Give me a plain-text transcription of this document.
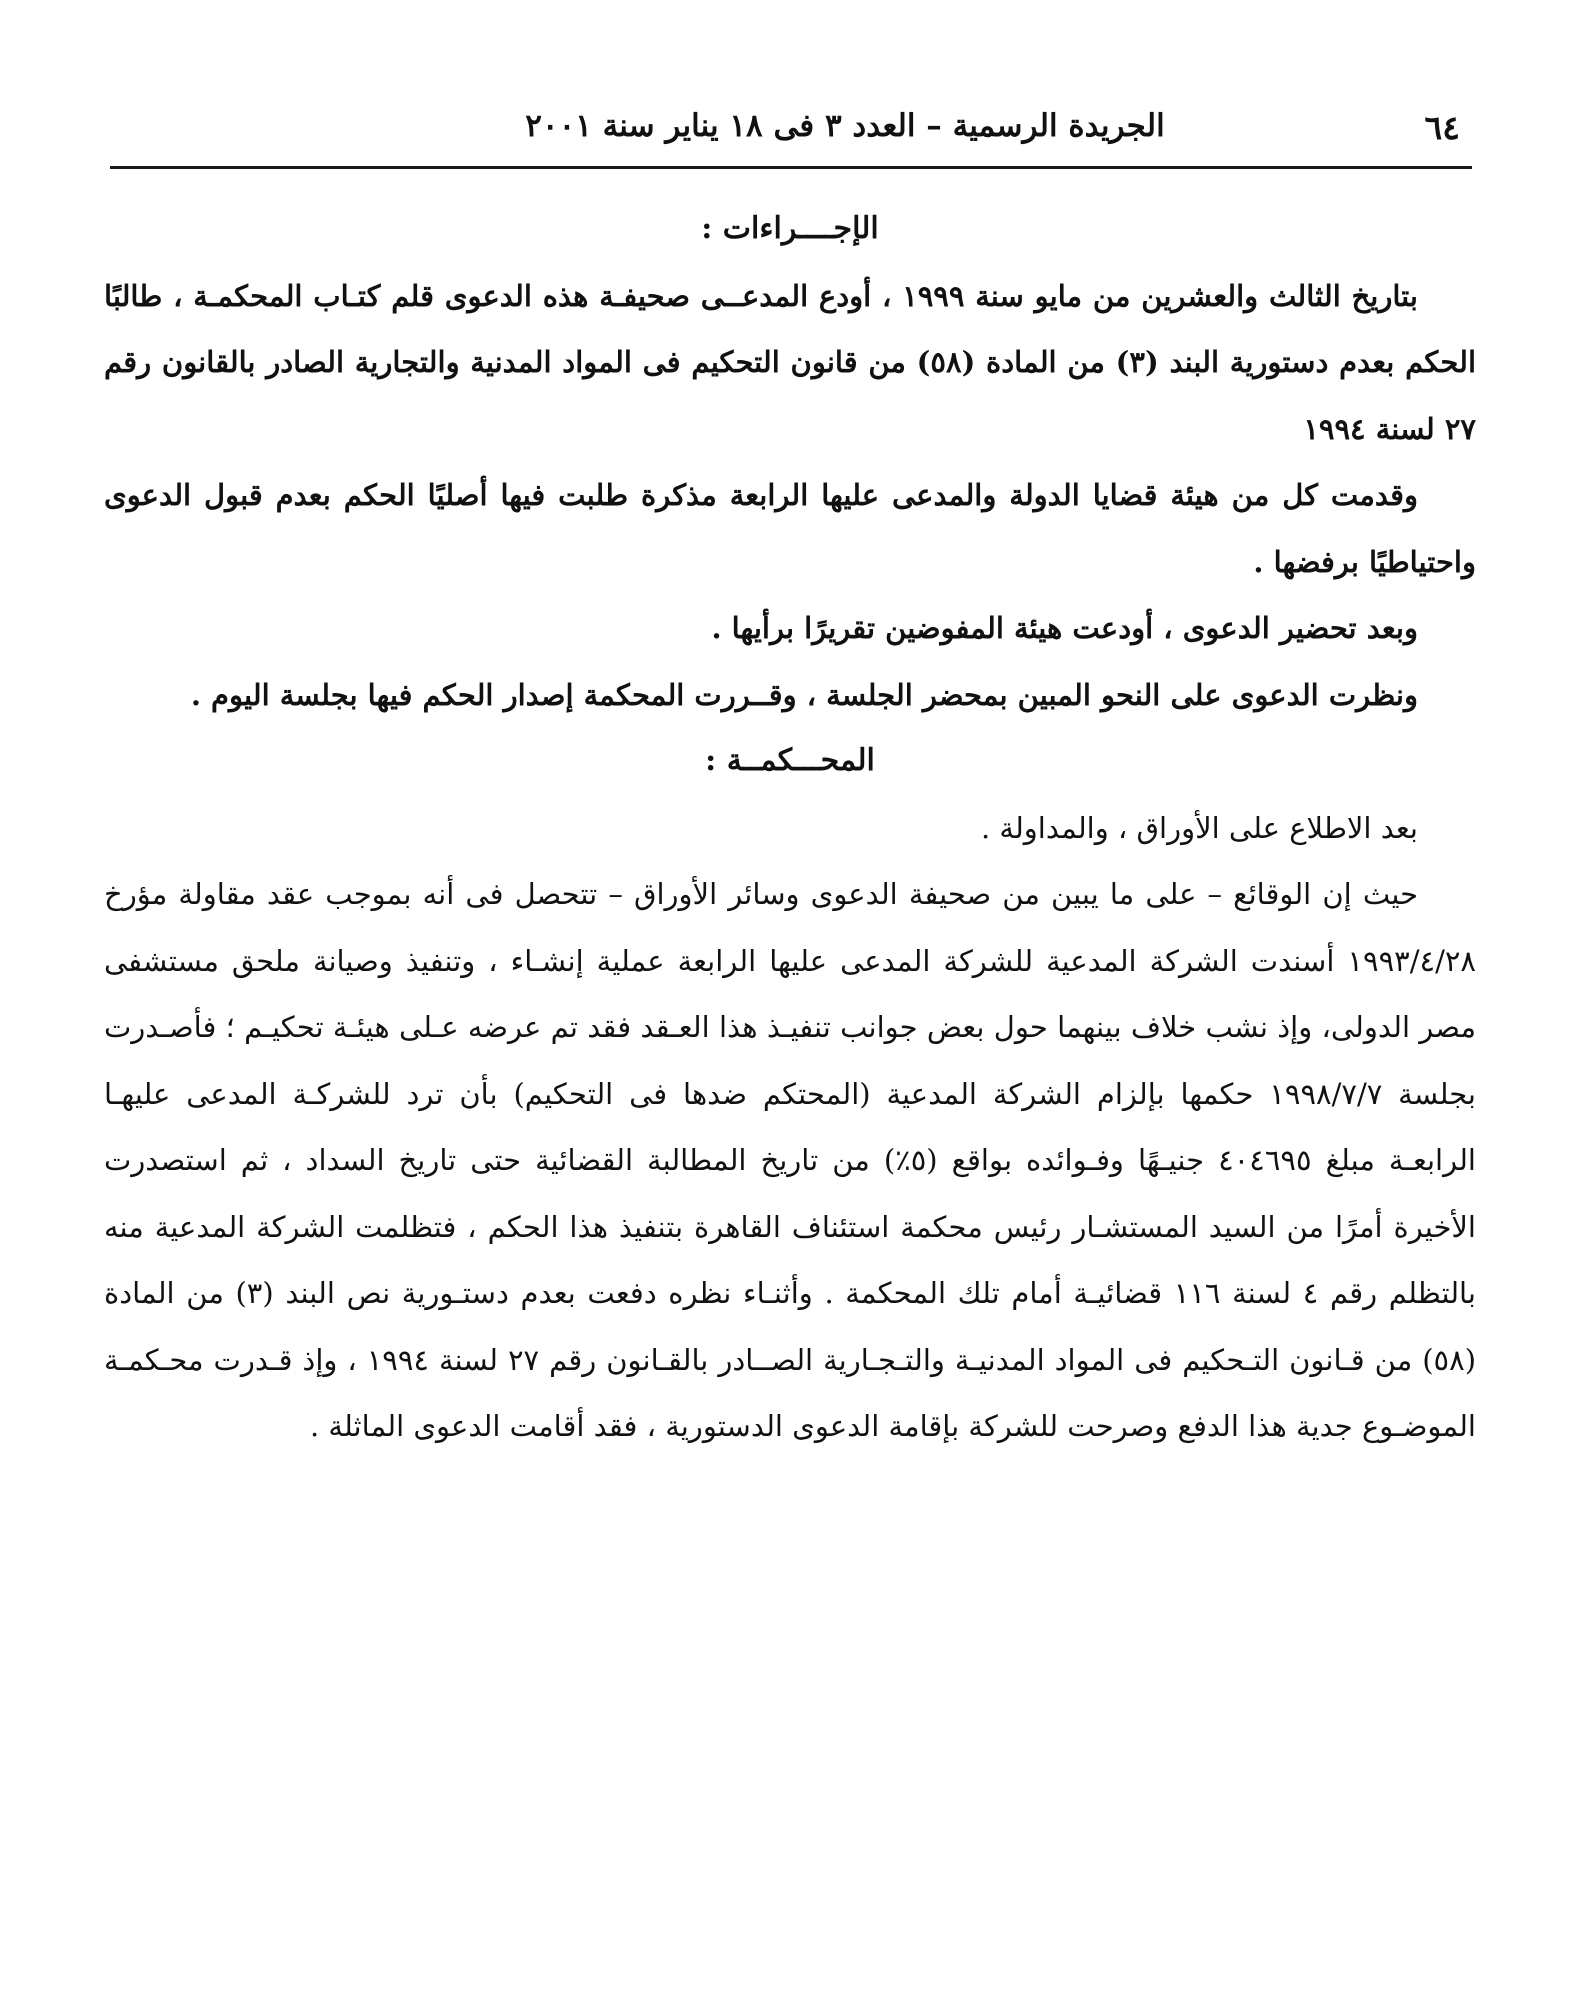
الجريدة الرسمية – العدد ٣ فى ١٨ يناير سنة ٢٠٠١	٦٤

الإجــــراءات :

بتاريخ الثالث والعشرين من مايو سنة ١٩٩٩ ، أودع المدعــى صحيفـة هذه الدعوى قلم كتـاب المحكمـة ، طالبًا الحكم بعدم دستورية البند (٣) من المادة (٥٨) من قانون التحكيم فى المواد المدنية والتجارية الصادر بالقانون رقم ٢٧ لسنة ١٩٩٤

وقدمت كل من هيئة قضايا الدولة والمدعى عليها الرابعة مذكرة طلبت فيها أصليًا الحكم بعدم قبول الدعوى واحتياطيًا برفضها .

وبعد تحضير الدعوى ، أودعت هيئة المفوضين تقريرًا برأيها .

ونظرت الدعوى على النحو المبين بمحضر الجلسة ، وقــررت المحكمة إصدار الحكم فيها بجلسة اليوم .

المحـــكمــة :

بعد الاطلاع على الأوراق ، والمداولة .

حيث إن الوقائع – على ما يبين من صحيفة الدعوى وسائر الأوراق – تتحصل فى أنه بموجب عقد مقاولة مؤرخ ١٩٩٣/٤/٢٨ أسندت الشركة المدعية للشركة المدعى عليها الرابعة عملية إنشـاء ، وتنفيذ وصيانة ملحق مستشفى مصر الدولى، وإذ نشب خلاف بينهما حول بعض جوانب تنفيـذ هذا العـقد فقد تم عرضه عـلى هيئـة تحكيـم ؛ فأصـدرت بجلسة ١٩٩٨/٧/٧ حكمها بإلزام الشركة المدعية (المحتكم ضدها فى التحكيم) بأن ترد للشركـة المدعى عليهـا الرابعـة مبلغ ٤٠٤٦٩٥ جنيـهًا وفـوائده بواقع (٥٪) من تاريخ المطالبة القضائية حتى تاريخ السداد ، ثم استصدرت الأخيرة أمرًا من السيد المستشـار رئيس محكمة استئناف القاهرة بتنفيذ هذا الحكم ، فتظلمت الشركة المدعية منه بالتظلم رقم ٤ لسنة ١١٦ قضائيـة أمام تلك المحكمة . وأثنـاء نظره دفعت بعدم دستـورية نص البند (٣) من المادة (٥٨) من قـانون التـحكيم فى المواد المدنيـة والتـجـارية الصــادر بالقـانون رقم ٢٧ لسنة ١٩٩٤ ، وإذ قـدرت محـكمـة الموضـوع جدية هذا الدفع وصرحت للشركة بإقامة الدعوى الدستورية ، فقد أقامت الدعوى الماثلة .
